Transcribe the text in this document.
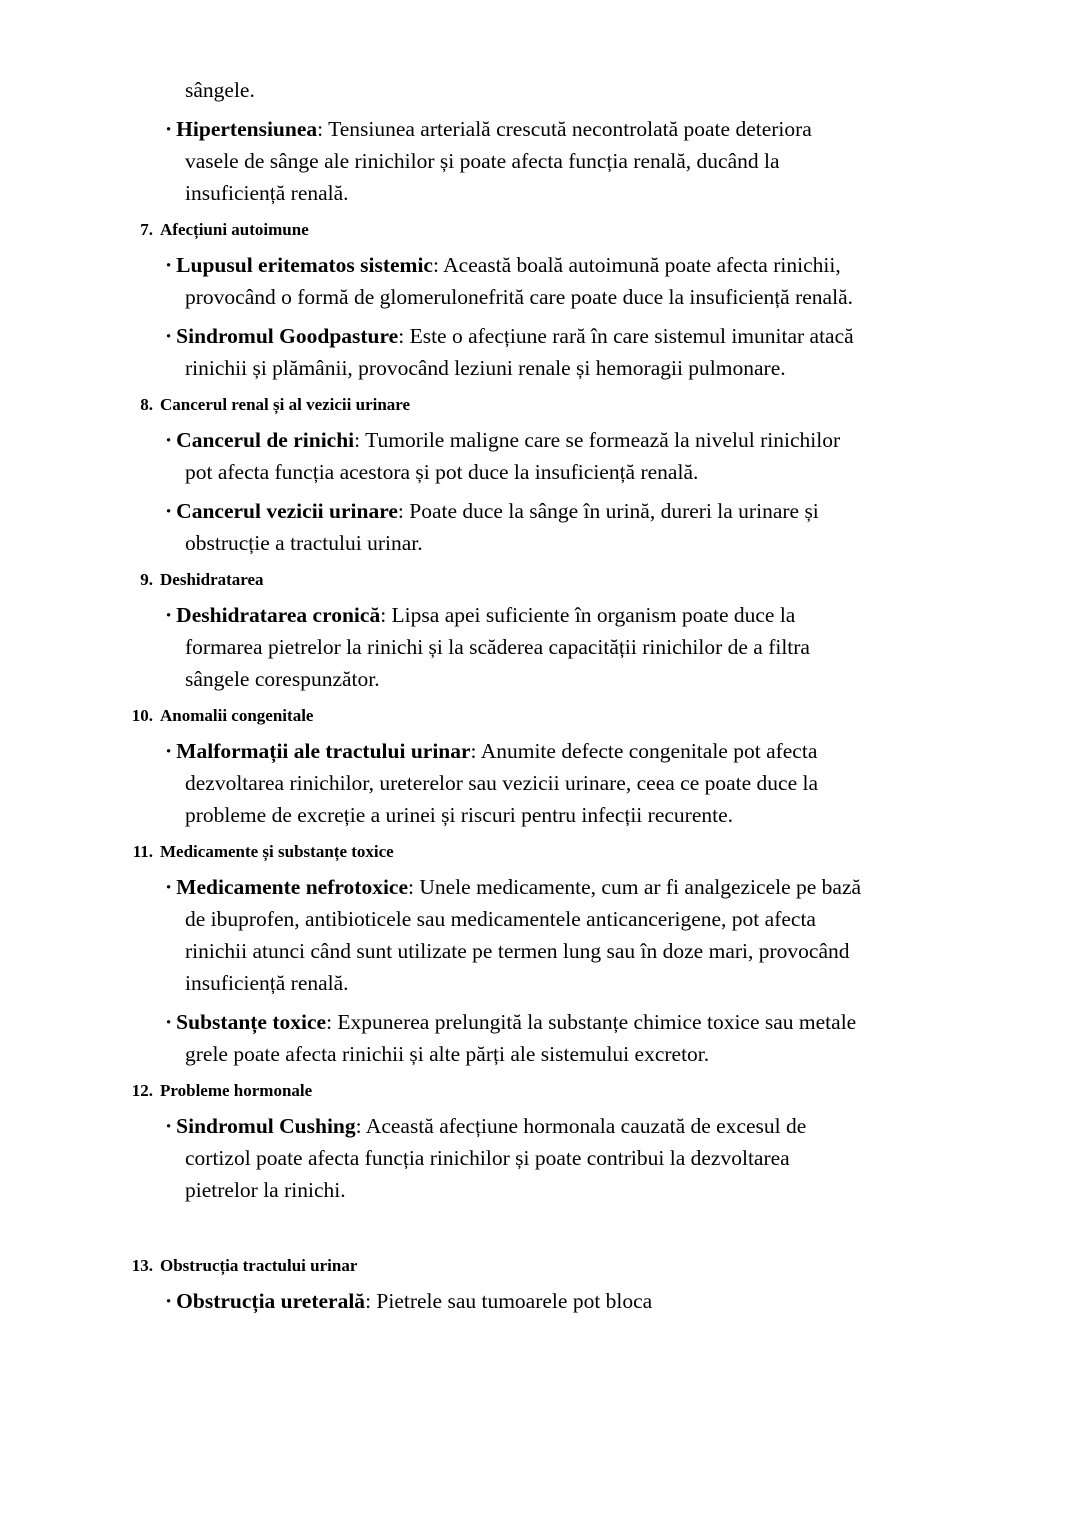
sângele.
· Hipertensiunea: Tensiunea arterială crescută necontrolată poate deteriora vasele de sânge ale rinichilor și poate afecta funcția renală, ducând la insuficiență renală.
7. Afecțiuni autoimune
· Lupusul eritematos sistemic: Această boală autoimună poate afecta rinichii, provocând o formă de glomerulonefrită care poate duce la insuficiență renală.
· Sindromul Goodpasture: Este o afecțiune rară în care sistemul imunitar atacă rinichii și plămânii, provocând leziuni renale și hemoragii pulmonare.
8. Cancerul renal și al vezicii urinare
· Cancerul de rinichi: Tumorile maligne care se formează la nivelul rinichilor pot afecta funcția acestora și pot duce la insuficiență renală.
· Cancerul vezicii urinare: Poate duce la sânge în urină, dureri la urinare și obstrucție a tractului urinar.
9. Deshidratarea
· Deshidratarea cronică: Lipsa apei suficiente în organism poate duce la formarea pietrelor la rinichi și la scăderea capacității rinichilor de a filtra sângele corespunzător.
10. Anomalii congenitale
· Malformații ale tractului urinar: Anumite defecte congenitale pot afecta dezvoltarea rinichilor, ureterelor sau vezicii urinare, ceea ce poate duce la probleme de excreție a urinei și riscuri pentru infecții recurente.
11. Medicamente și substanțe toxice
· Medicamente nefrotoxice: Unele medicamente, cum ar fi analgezicele pe bază de ibuprofen, antibioticele sau medicamentele anticancerigene, pot afecta rinichii atunci când sunt utilizate pe termen lung sau în doze mari, provocând insuficiență renală.
· Substanțe toxice: Expunerea prelungită la substanțe chimice toxice sau metale grele poate afecta rinichii și alte părți ale sistemului excretor.
12. Probleme hormonale
· Sindromul Cushing: Această afecțiune hormonala cauzată de excesul de cortizol poate afecta funcția rinichilor și poate contribui la dezvoltarea pietrelor la rinichi.
13. Obstrucția tractului urinar
· Obstrucția ureterală: Pietrele sau tumoarele pot bloca
